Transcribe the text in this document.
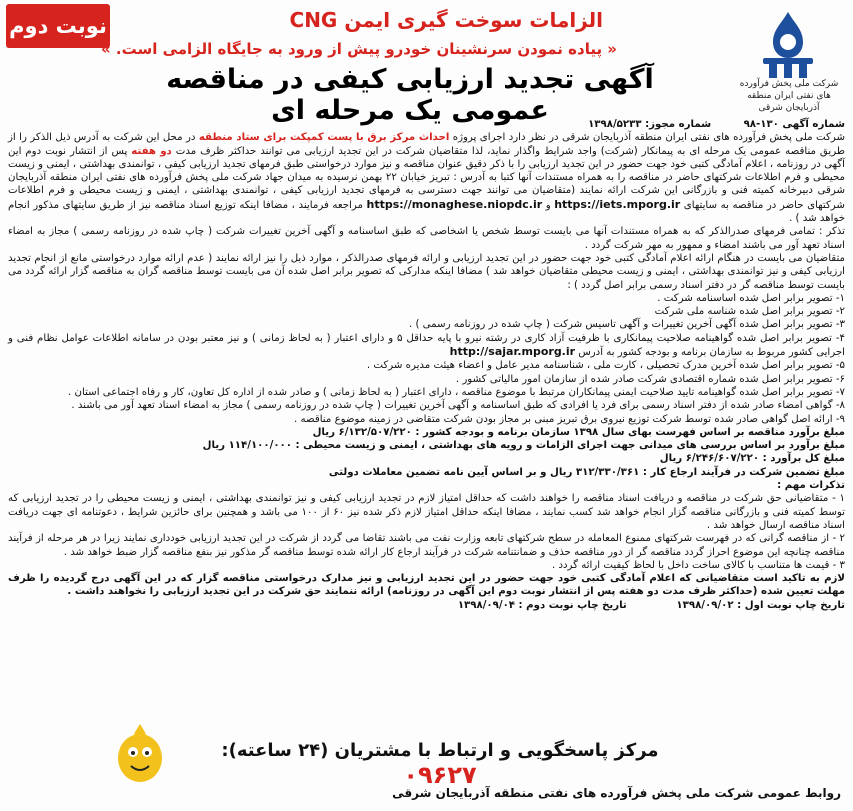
نوبت دوم	الزامات سوخت گیری ایمن CNG
« پیاده نمودن سرنشینان خودرو پیش از ورود به جایگاه الزامی است. »
شرکت ملی پخش فرآورده های نفتی ایران منطقه آذربایجان شرقی
آگهی تجدید ارزیابی کیفی در مناقصه عمومی یک مرحله ای	شماره آگهی ۱۳۰-۹۸          شماره مجوز: ۱۳۹۸/۵۲۳۳

شرکت ملی پخش فرآورده های نفتی ایران منطقه آذربایجان شرقی در نظر دارد اجرای پروژه احداث مرکز برق با پست کمپکت برای ستاد منطقه در محل این شرکت به آدرس ذیل الذکر را از طریق مناقصه عمومی یک مرحله ای به پیمانکار (شرکت) واجد شرایط واگذار نماید، لذا متقاضیان شرکت در این تجدید ارزیابی می توانند حداکثر ظرف مدت دو هفته پس از انتشار نوبت دوم این آگهی در روزنامه ، اعلام آمادگی کتبی خود جهت حضور در این تجدید ارزیابی را با ذکر دقیق عنوان مناقصه و نیز موارد درخواستی طبق فرمهای تجدید ارزیابی کیفی ، توانمندی بهداشتی ، ایمنی و زیست محیطی و فرم اطلاعات شرکتهای حاضر در مناقصه را به همراه مستندات آنها کتبا به آدرس : تبریز خیابان ۲۲ بهمن نرسیده به میدان جهاد شرکت ملی پخش فرآورده های نفتی ایران منطقه آذربایجان شرقی دبیرخانه کمیته فنی و بازرگانی این شرکت ارائه نمایند (متقاضیان می توانند جهت دسترسی به فرمهای تجدید ارزیابی کیفی ، توانمندی بهداشتی ، ایمنی و زیست محیطی و فرم اطلاعات شرکتهای حاضر در مناقصه به سایتهای https://iets.mporg.ir و https://monaghese.niopdc.ir مراجعه فرمایند ، مضافا اینکه توزیع اسناد مناقصه نیز از طریق سایتهای مذکور انجام خواهد شد ) .

تذکر : تمامی فرمهای صدرالذکر که به همراه مستندات آنها می بایست توسط شخص یا اشخاصی که طبق اساسنامه و آگهی آخرین تغییرات شرکت ( چاپ شده در روزنامه رسمی ) مجاز به امضاء اسناد تعهد آور می باشند امضاء و ممهور به مهر شرکت گردد .

متقاضیان می بایست در هنگام ارائه اعلام آمادگی کتبی خود جهت حضور در این تجدید ارزیابی و ارائه فرمهای صدرالذکر ، موارد ذیل را نیز ارائه نمایند ( عدم ارائه موارد درخواستی مانع از انجام تجدید ارزیابی کیفی و نیز توانمندی بهداشتی ، ایمنی و زیست محیطی متقاضیان خواهد شد ) مضافا اینکه مدارکی که تصویر برابر اصل شده آن می بایست توسط مناقصه گران به مناقصه گزار ارائه گردد می بایست توسط مناقصه گر در دفتر اسناد رسمی برابر اصل گردد ) :

۱- تصویر برابر اصل شده اساسنامه شرکت .

۲- تصویر برابر اصل شده شناسه ملی شرکت

۳- تصویر برابر اصل شده آگهی آخرین تغییرات و آگهی تاسیس شرکت ( چاپ شده در روزنامه رسمی ) .

۴- تصویر برابر اصل شده گواهینامه صلاحیت پیمانکاری با ظرفیت آزاد کاری در رشته نیرو با پایه حداقل ۵ و دارای اعتبار ( به لحاظ زمانی ) و نیز معتبر بودن در سامانه اطلاعات عوامل نظام فنی و اجرایی کشور مربوط به سازمان برنامه و بودجه کشور به آدرس http://sajar.mporg.ir

۵- تصویر برابر اصل شده آخرین مدرک تحصیلی ، کارت ملی ، شناسنامه مدیر عامل و اعضاء هیئت مدیره شرکت .

۶- تصویر برابر اصل شده شماره اقتصادی شرکت صادر شده از سازمان امور مالیاتی کشور .

۷- تصویر برابر اصل شده گواهینامه تایید صلاحیت ایمنی پیمانکاران مرتبط با موضوع مناقصه ، دارای اعتبار ( به لحاظ زمانی ) و صادر شده از اداره کل تعاون، کار و رفاه اجتماعی استان .

۸- گواهی امضاء صادر شده از دفتر اسناد رسمی برای فرد یا افرادی که طبق اساسنامه و آگهی آخرین تغییرات ( چاپ شده در روزنامه رسمی ) مجاز به امضاء اسناد تعهد آور می باشند .

۹- ارائه اصل گواهی صادر شده توسط شرکت توزیع نیروی برق تبریز مبنی بر مجاز بودن شرکت متقاضی در زمینه موضوع مناقصه .

مبلغ برآورد مناقصه بر اساس فهرست بهای سال ۱۳۹۸ سازمان برنامه و بودجه کشور : ۶/۱۳۲/۵۰۷/۲۲۰ ریال

مبلغ برآورد بر اساس بررسی های میدانی جهت اجرای الزامات و رویه های بهداشتی ، ایمنی و زیست محیطی : ۱۱۴/۱۰۰/۰۰۰ ریال

مبلغ کل برآورد : ۶/۲۴۶/۶۰۷/۲۲۰ ریال

مبلغ تضمین شرکت در فرآیند ارجاع کار : ۳۱۲/۳۳۰/۳۶۱ ریال و بر اساس آیین نامه تضمین معاملات دولتی

تذکرات مهم :

۱ - متقاضیانی حق شرکت در مناقصه و دریافت اسناد مناقصه را خواهند داشت که حداقل امتیاز لازم در تجدید ارزیابی کیفی و نیز توانمندی بهداشتی ، ایمنی و زیست محیطی را در تجدید ارزیابی که توسط کمیته فنی و بازرگانی مناقصه گزار انجام خواهد شد کسب نمایند ، مضافا اینکه حداقل امتیاز لازم ذکر شده نیز ۶۰ از ۱۰۰ می باشد و همچنین برای حائزین شرایط ، دعوتنامه ای جهت دریافت اسناد مناقصه ارسال خواهد شد .

۲ - از مناقصه گرانی که در فهرست شرکتهای ممنوع المعامله در سطح شرکتهای تابعه وزارت نفت می باشند تقاضا می گردد از شرکت در این تجدید ارزیابی خودداری نمایند زیرا در هر مرحله از فرآیند مناقصه چنانچه این موضوع احراز گردد مناقصه گر از دور مناقصه حذف و ضمانتنامه شرکت در فرآیند ارجاع کار ارائه شده توسط مناقصه گر مذکور نیز بنفع مناقصه گزار ضبط خواهد شد .

۳ - قیمت ها متناسب با کالای ساخت داخل با لحاظ کیفیت ارائه گردد .

لازم به تاکید است متقاضیانی که اعلام آمادگی کتبی خود جهت حضور در این تجدید ارزیابی و نیز مدارک درخواستی مناقصه گزار که در این آگهی درج گردیده را ظرف مهلت تعیین شده (حداکثر ظرف مدت دو هفته پس از انتشار نوبت دوم این آگهی در روزنامه) ارائه ننمایند حق شرکت در این تجدید ارزیابی را نخواهند داشت .

تاریخ چاپ نوبت اول : ۱۳۹۸/۰۹/۰۲              تاریخ چاپ نوبت دوم : ۱۳۹۸/۰۹/۰۴

مرکز پاسخگویی و ارتباط با مشتریان (۲۴ ساعته): ۰۹۶۲۷
روابط عمومی شرکت ملی پخش فرآورده های نفتی منطقه آذربایجان شرقی
